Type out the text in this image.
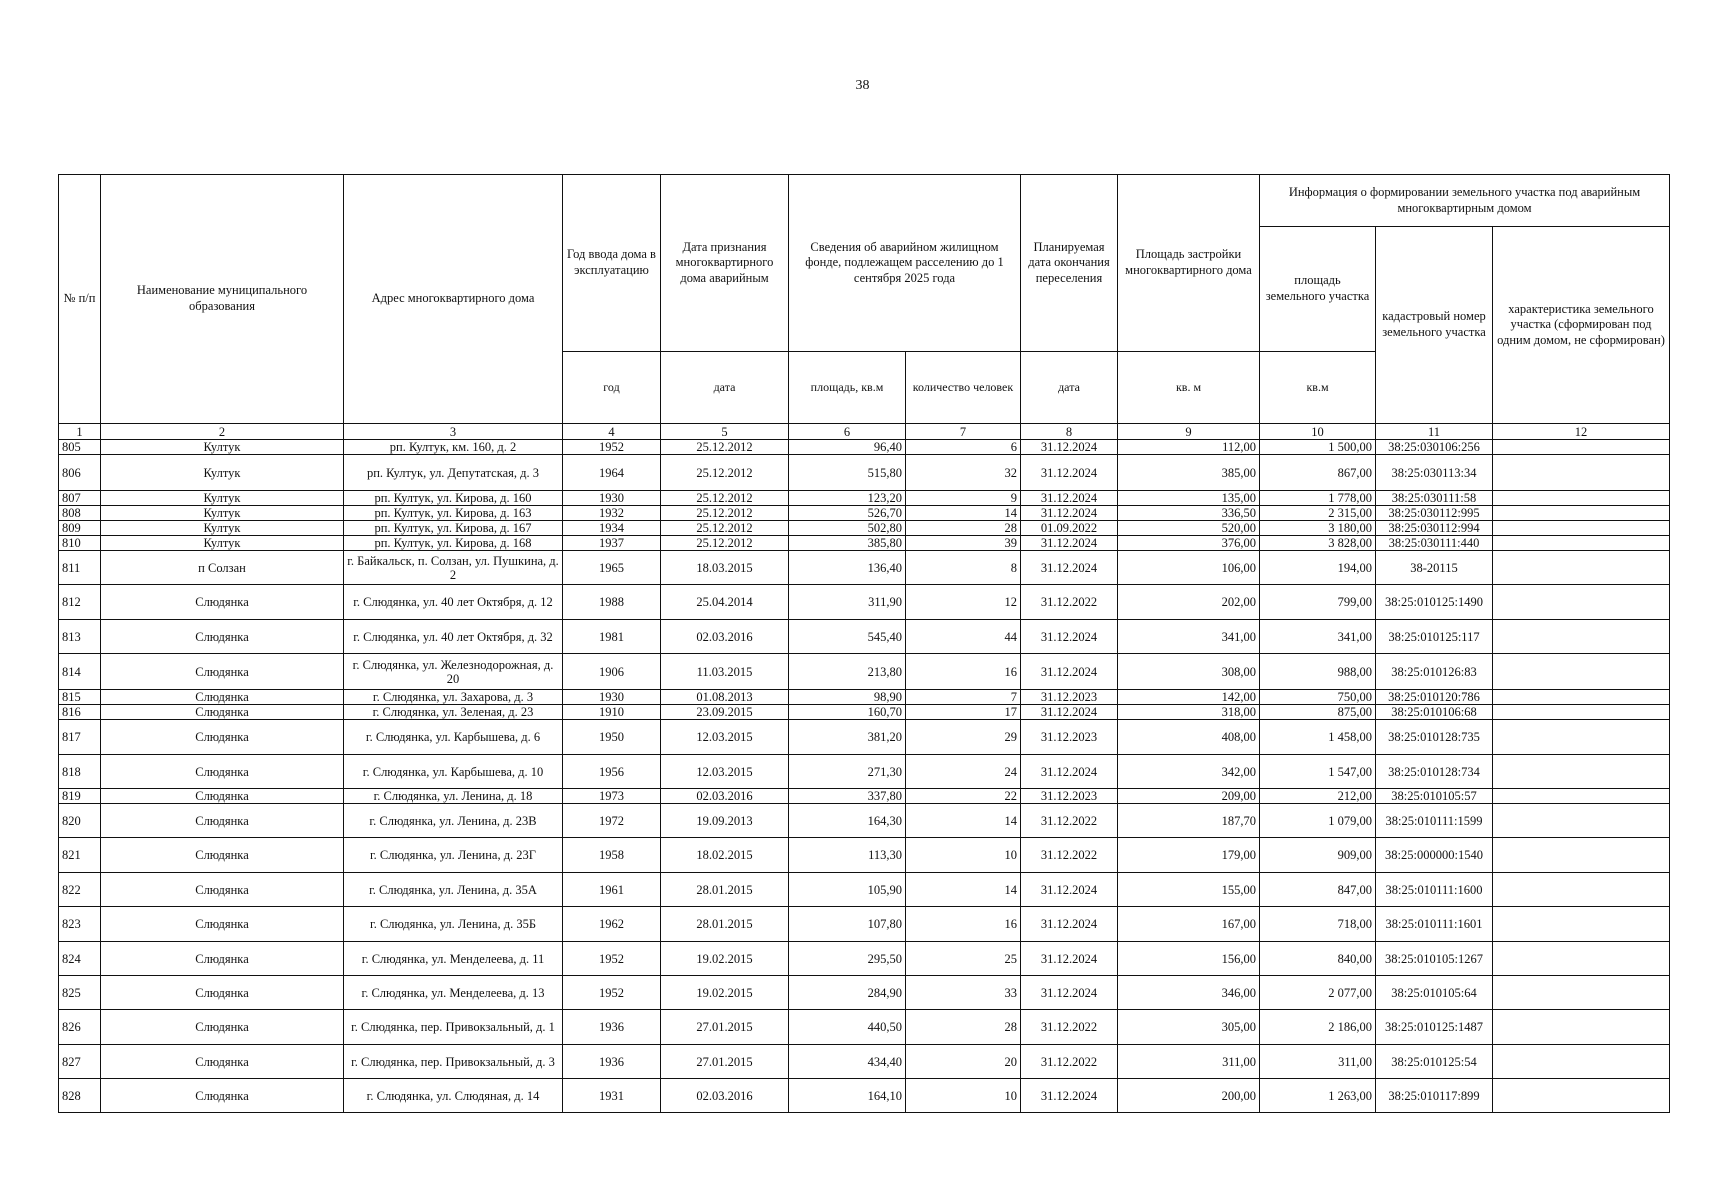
38
№ п/п	Наименование муниципального образования	Адрес многоквартирного дома	Год ввода дома в эксплуатацию	Дата признания многоквартирного дома аварийным	Сведения об аварийном жилищном фонде, подлежащем расселению до 1 сентября 2025 года		Планируемая дата окончания переселения	Площадь застройки многоквартирного дома	Информация о формировании земельного участка под аварийным многоквартирным домом		
									площадь земельного участка	кадастровый номер земельного участка	характеристика земельного участка (сформирован под одним домом, не сформирован)
			год	дата	площадь, кв.м	количество человек	дата	кв. м	кв.м		
1	2	3	4	5	6	7	8	9	10	11	12
805	Култук	рп. Култук, км. 160, д. 2	1952	25.12.2012	96,40	6	31.12.2024	112,00	1 500,00	38:25:030106:256	
806	Култук	рп. Култук, ул. Депутатская, д. 3	1964	25.12.2012	515,80	32	31.12.2024	385,00	867,00	38:25:030113:34	
807	Култук	рп. Култук, ул. Кирова, д. 160	1930	25.12.2012	123,20	9	31.12.2024	135,00	1 778,00	38:25:030111:58	
808	Култук	рп. Култук, ул. Кирова, д. 163	1932	25.12.2012	526,70	14	31.12.2024	336,50	2 315,00	38:25:030112:995	
809	Култук	рп. Култук, ул. Кирова, д. 167	1934	25.12.2012	502,80	28	01.09.2022	520,00	3 180,00	38:25:030112:994	
810	Култук	рп. Култук, ул. Кирова, д. 168	1937	25.12.2012	385,80	39	31.12.2024	376,00	3 828,00	38:25:030111:440	
811	п Солзан	г. Байкальск, п. Солзан, ул. Пушкина, д. 2	1965	18.03.2015	136,40	8	31.12.2024	106,00	194,00	38-20115	
812	Слюдянка	г. Слюдянка, ул. 40 лет Октября, д. 12	1988	25.04.2014	311,90	12	31.12.2022	202,00	799,00	38:25:010125:1490	
813	Слюдянка	г. Слюдянка, ул. 40 лет Октября, д. 32	1981	02.03.2016	545,40	44	31.12.2024	341,00	341,00	38:25:010125:117	
814	Слюдянка	г. Слюдянка, ул. Железнодорожная, д. 20	1906	11.03.2015	213,80	16	31.12.2024	308,00	988,00	38:25:010126:83	
815	Слюдянка	г. Слюдянка, ул. Захарова, д. 3	1930	01.08.2013	98,90	7	31.12.2023	142,00	750,00	38:25:010120:786	
816	Слюдянка	г. Слюдянка, ул. Зеленая, д. 23	1910	23.09.2015	160,70	17	31.12.2024	318,00	875,00	38:25:010106:68	
817	Слюдянка	г. Слюдянка, ул. Карбышева, д. 6	1950	12.03.2015	381,20	29	31.12.2023	408,00	1 458,00	38:25:010128:735	
818	Слюдянка	г. Слюдянка, ул. Карбышева, д. 10	1956	12.03.2015	271,30	24	31.12.2024	342,00	1 547,00	38:25:010128:734	
819	Слюдянка	г. Слюдянка, ул. Ленина, д. 18	1973	02.03.2016	337,80	22	31.12.2023	209,00	212,00	38:25:010105:57	
820	Слюдянка	г. Слюдянка, ул. Ленина, д. 23В	1972	19.09.2013	164,30	14	31.12.2022	187,70	1 079,00	38:25:010111:1599	
821	Слюдянка	г. Слюдянка, ул. Ленина, д. 23Г	1958	18.02.2015	113,30	10	31.12.2022	179,00	909,00	38:25:000000:1540	
822	Слюдянка	г. Слюдянка, ул. Ленина, д. 35А	1961	28.01.2015	105,90	14	31.12.2024	155,00	847,00	38:25:010111:1600	
823	Слюдянка	г. Слюдянка, ул. Ленина, д. 35Б	1962	28.01.2015	107,80	16	31.12.2024	167,00	718,00	38:25:010111:1601	
824	Слюдянка	г. Слюдянка, ул. Менделеева, д. 11	1952	19.02.2015	295,50	25	31.12.2024	156,00	840,00	38:25:010105:1267	
825	Слюдянка	г. Слюдянка, ул. Менделеева, д. 13	1952	19.02.2015	284,90	33	31.12.2024	346,00	2 077,00	38:25:010105:64	
826	Слюдянка	г. Слюдянка, пер. Привокзальный, д. 1	1936	27.01.2015	440,50	28	31.12.2022	305,00	2 186,00	38:25:010125:1487	
827	Слюдянка	г. Слюдянка, пер. Привокзальный, д. 3	1936	27.01.2015	434,40	20	31.12.2022	311,00	311,00	38:25:010125:54	
828	Слюдянка	г. Слюдянка, ул. Слюдяная, д. 14	1931	02.03.2016	164,10	10	31.12.2024	200,00	1 263,00	38:25:010117:899	
